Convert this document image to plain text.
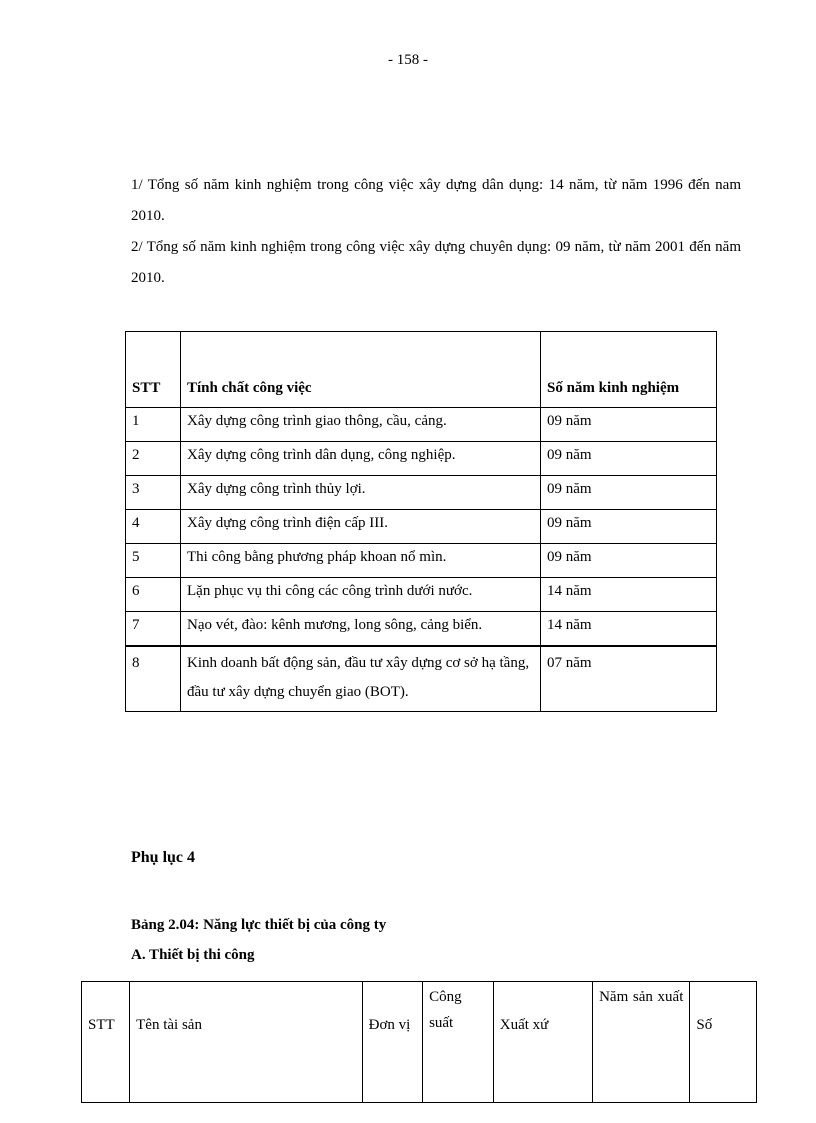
- 158 -
1/ Tổng số năm kinh nghiệm trong công việc xây dựng dân dụng: 14 năm, từ năm 1996 đến nam 2010.
2/ Tổng số năm kinh nghiệm trong công việc xây dựng chuyên dụng: 09 năm, từ năm 2001 đến năm 2010.
STT	Tính chất công việc	Số năm kinh nghiệm
1	Xây dựng công trình giao thông, cầu, cảng.	09 năm
2	Xây dựng công trình dân dụng, công nghiệp.	09 năm
3	Xây dựng công trình thủy lợi.	09 năm
4	Xây dựng công trình điện cấp III.	09 năm
5	Thi công bằng phương pháp khoan nổ mìn.	09 năm
6	Lặn phục vụ thi công các công trình dưới nước.	14 năm
7	Nạo vét, đào: kênh mương, long sông, cảng biển.	14 năm
8	Kinh doanh bất động sản, đầu tư xây dựng cơ sở hạ tầng, đầu tư xây dựng chuyển giao (BOT).	07 năm
Phụ lục 4
Bảng 2.04: Năng lực thiết bị của công ty
A. Thiết bị thi công
STT	Tên tài sản	Đơn vị	Công suất	Xuất xứ	Năm sản xuất	Số
